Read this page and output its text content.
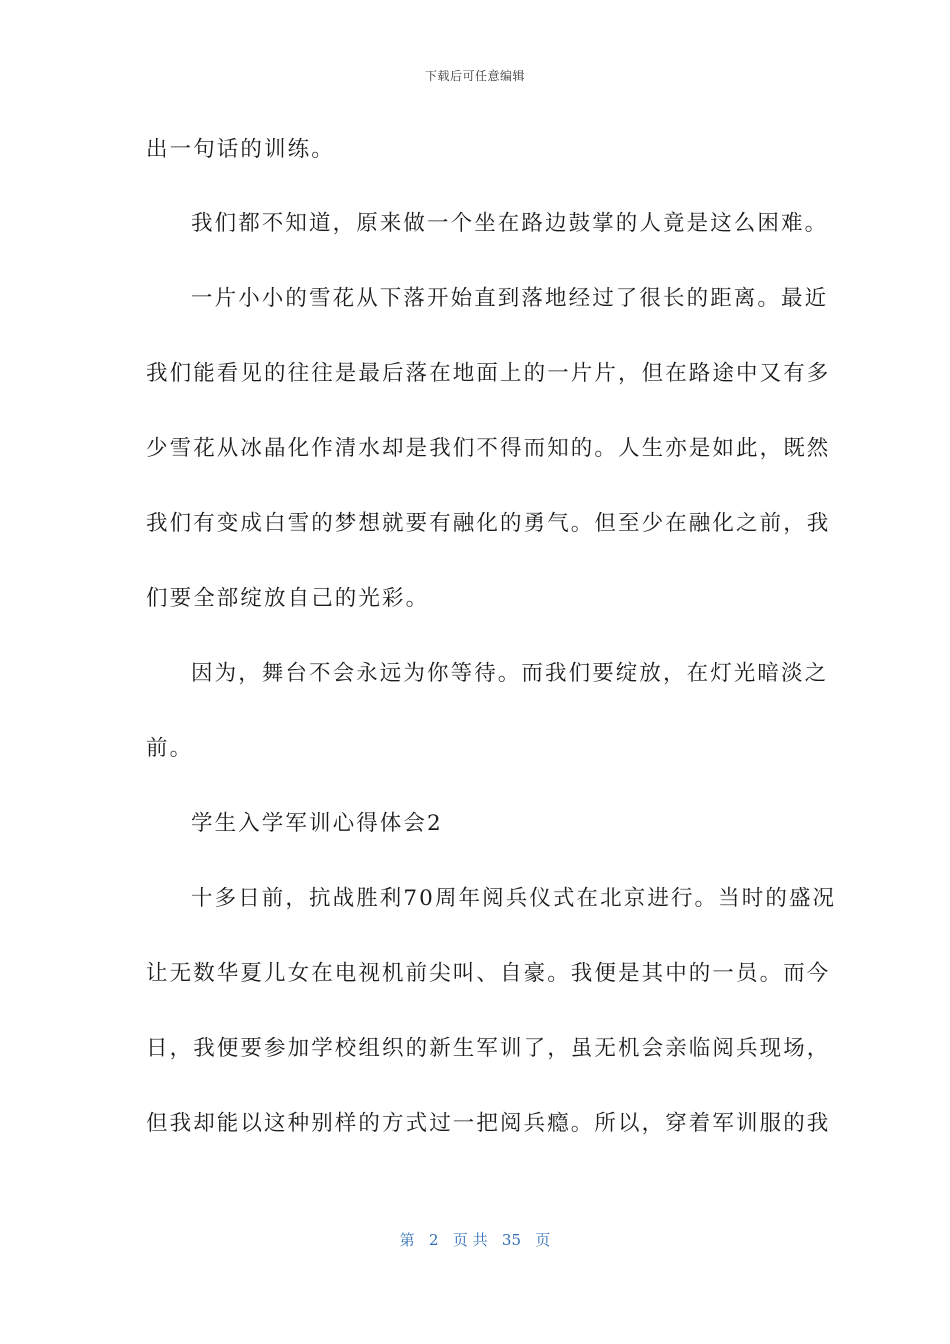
下载后可任意编辑
出一句话的训练。
我们都不知道，原来做一个坐在路边鼓掌的人竟是这么困难。
一片小小的雪花从下落开始直到落地经过了很长的距离。最近
我们能看见的往往是最后落在地面上的一片片，但在路途中又有多
少雪花从冰晶化作清水却是我们不得而知的。人生亦是如此，既然
我们有变成白雪的梦想就要有融化的勇气。但至少在融化之前，我
们要全部绽放自己的光彩。
因为，舞台不会永远为你等待。而我们要绽放，在灯光暗淡之
前。
学生入学军训心得体会2
十多日前，抗战胜利70周年阅兵仪式在北京进行。当时的盛况
让无数华夏儿女在电视机前尖叫、自豪。我便是其中的一员。而今
日，我便要参加学校组织的新生军训了，虽无机会亲临阅兵现场，
但我却能以这种别样的方式过一把阅兵瘾。所以，穿着军训服的我
第 2 页 共 35 页
